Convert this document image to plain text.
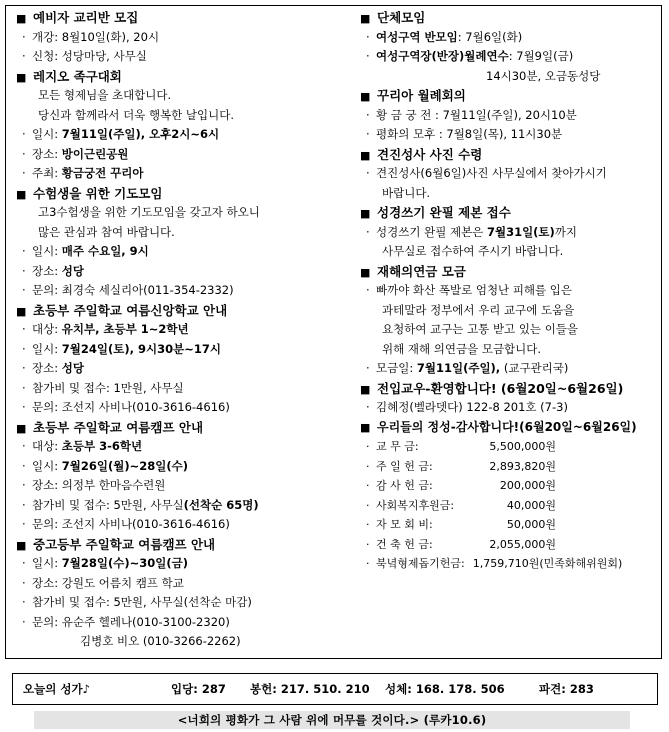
■ 예비자 교리반 모집
· 개강: 8월10일(화), 20시
· 신청: 성당마당, 사무실
■ 레지오 족구대회
모든 형제님을 초대합니다.
당신과 함께라서 더욱 행복한 날입니다.
· 일시: 7월11일(주일), 오후2시~6시
· 장소: 방이근린공원
· 주최: 황금궁전 꾸리아
■ 수험생을 위한 기도모임
고3수험생을 위한 기도모임을 갖고자 하오니
많은 관심과 참여 바랍니다.
· 일시: 매주 수요일, 9시
· 장소: 성당
· 문의: 최경숙 세실리아(011-354-2332)
■ 초등부 주일학교 여름신앙학교 안내
· 대상: 유치부, 초등부 1~2학년
· 일시: 7월24일(토), 9시30분~17시
· 장소: 성당
· 참가비 및 접수: 1만원, 사무실
· 문의: 조선지 사비나(010-3616-4616)
■ 초등부 주일학교 여름캠프 안내
· 대상: 초등부 3-6학년
· 일시: 7월26일(월)~28일(수)
· 장소: 의정부 한마음수련원
· 참가비 및 접수: 5만원, 사무실(선착순 65명)
· 문의: 조선지 사비나(010-3616-4616)
■ 중고등부 주일학교 여름캠프 안내
· 일시: 7월28일(수)~30일(금)
· 장소: 강원도 어름치 캠프 학교
· 참가비 및 접수: 5만원, 사무실(선착순 마감)
· 문의: 유순주 헬레나(010-3100-2320)
김병호 비오 (010-3266-2262)
■ 단체모임
· 여성구역 반모임: 7월6일(화)
· 여성구역장(반장)월례연수: 7월9일(금)
14시30분, 오금동성당
■ 꾸리아 월례회의
· 황 금 궁 전 : 7월11일(주일), 20시10분
· 평화의 모후 : 7월8일(목), 11시30분
■ 견진성사 사진 수령
· 견진성사(6월6일)사진 사무실에서 찾아가시기
바랍니다.
■ 성경쓰기 완필 제본 접수
· 성경쓰기 완필 제본은 7월31일(토)까지
사무실로 접수하여 주시기 바랍니다.
■ 재해의연금 모금
· 빠까야 화산 폭발로 엄청난 피해를 입은
과테말라 정부에서 우리 교구에 도움을
요청하여 교구는 고통 받고 있는 이들을
위해 재해 의연금을 모금합니다.
· 모금일: 7월11일(주일), (교구관리국)
■ 전입교우-환영합니다! (6월20일~6월26일)
· 김혜정(벨라뎃다) 122-8 201호 (7-3)
■ 우리들의 정성-감사합니다!(6월20일~6월26일)
· 교 무 금:	5,500,000원
· 주 일 헌 금:	2,893,820원
· 감 사 헌 금:	200,000원
· 사회복지후원금:	40,000원
· 자 모 회 비:	50,000원
· 건 축 헌 금:	2,055,000원
· 북녘형제돕기헌금: 1,759,710원 (민족화해위원회)
오늘의 성가♪	입당: 287 봉헌: 217. 510. 210 성체: 168. 178. 506	파견: 283
<너희의 평화가 그 사람 위에 머무를 것이다.> (루카10.6)
